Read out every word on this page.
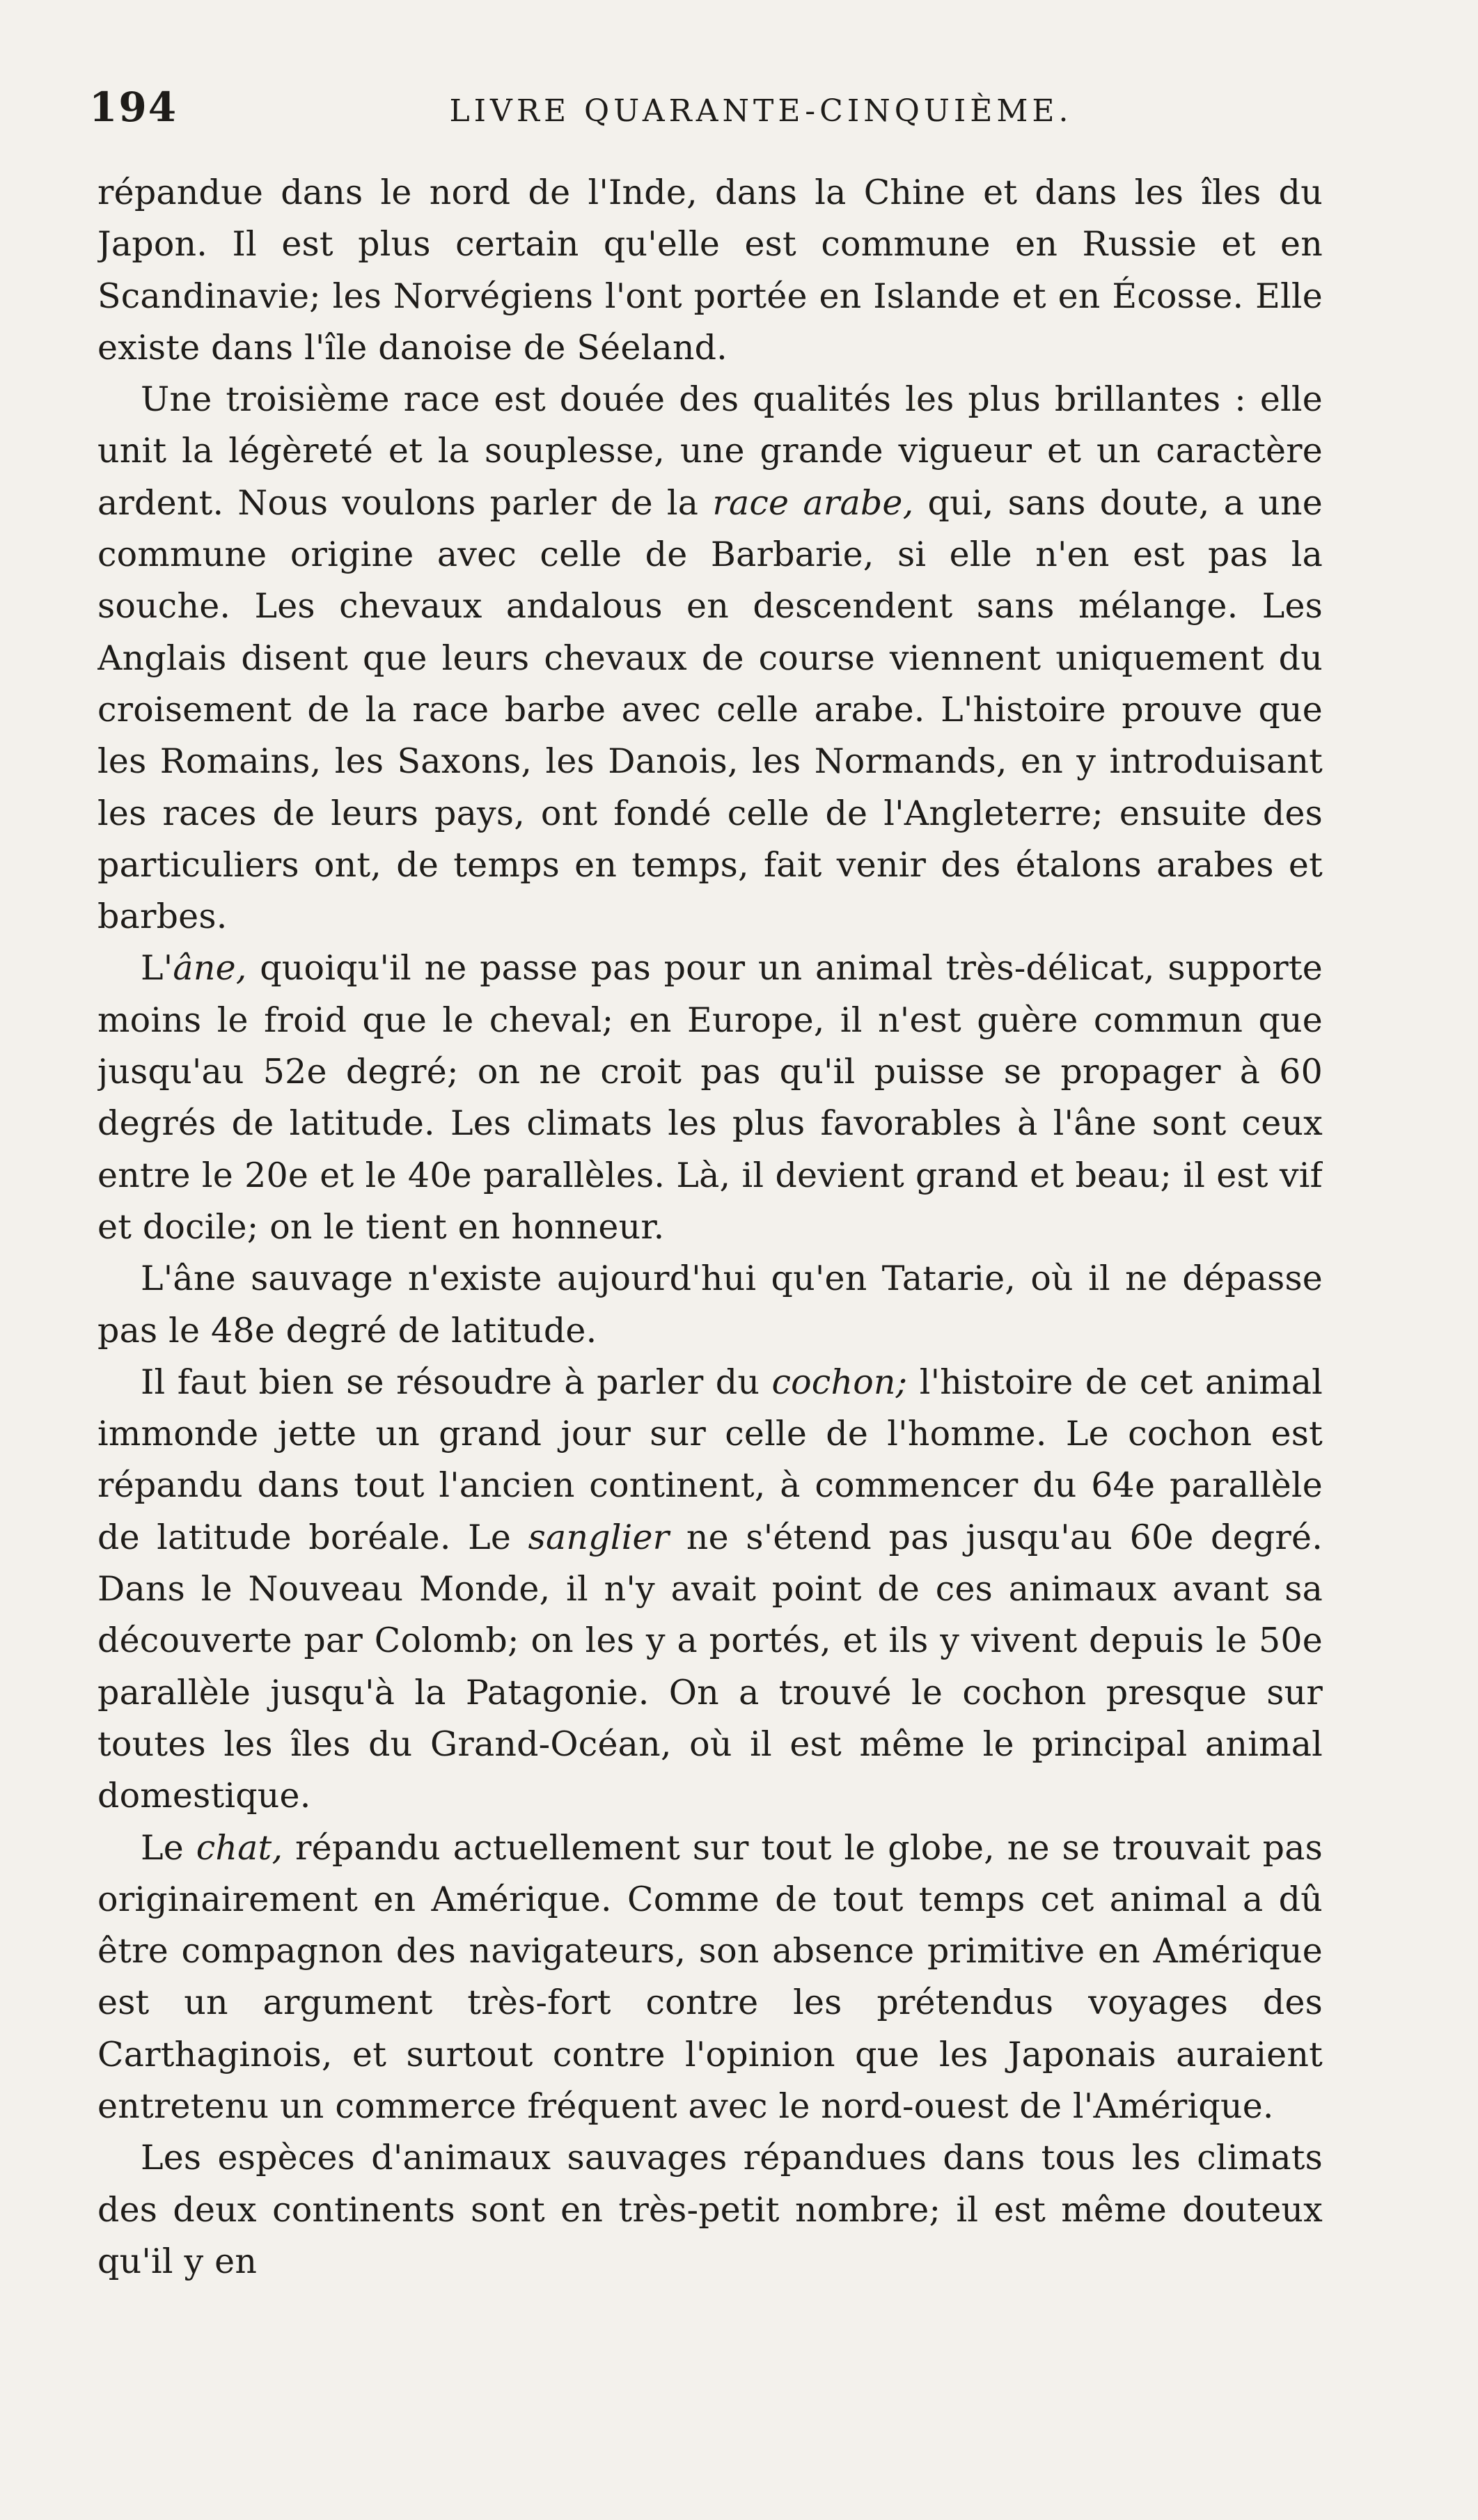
194	LIVRE QUARANTE-CINQUIÈME.

répandue dans le nord de l'Inde, dans la Chine et dans les îles du Japon. Il est plus certain qu'elle est commune en Russie et en Scandinavie; les Norvégiens l'ont portée en Islande et en Écosse. Elle existe dans l'île danoise de Séeland.

Une troisième race est douée des qualités les plus brillantes : elle unit la légèreté et la souplesse, une grande vigueur et un caractère ardent. Nous voulons parler de la race arabe, qui, sans doute, a une commune origine avec celle de Barbarie, si elle n'en est pas la souche. Les chevaux andalous en descendent sans mélange. Les Anglais disent que leurs chevaux de course viennent uniquement du croisement de la race barbe avec celle arabe. L'histoire prouve que les Romains, les Saxons, les Danois, les Normands, en y introduisant les races de leurs pays, ont fondé celle de l'Angleterre; ensuite des particuliers ont, de temps en temps, fait venir des étalons arabes et barbes.

L'âne, quoiqu'il ne passe pas pour un animal très-délicat, supporte moins le froid que le cheval; en Europe, il n'est guère commun que jusqu'au 52e degré; on ne croit pas qu'il puisse se propager à 60 degrés de latitude. Les climats les plus favorables à l'âne sont ceux entre le 20e et le 40e parallèles. Là, il devient grand et beau; il est vif et docile; on le tient en honneur.

L'âne sauvage n'existe aujourd'hui qu'en Tatarie, où il ne dépasse pas le 48e degré de latitude.

Il faut bien se résoudre à parler du cochon; l'histoire de cet animal immonde jette un grand jour sur celle de l'homme. Le cochon est répandu dans tout l'ancien continent, à commencer du 64e parallèle de latitude boréale. Le sanglier ne s'étend pas jusqu'au 60e degré. Dans le Nouveau Monde, il n'y avait point de ces animaux avant sa découverte par Colomb; on les y a portés, et ils y vivent depuis le 50e parallèle jusqu'à la Patagonie. On a trouvé le cochon presque sur toutes les îles du Grand-Océan, où il est même le principal animal domestique.

Le chat, répandu actuellement sur tout le globe, ne se trouvait pas originairement en Amérique. Comme de tout temps cet animal a dû être compagnon des navigateurs, son absence primitive en Amérique est un argument très-fort contre les prétendus voyages des Carthaginois, et surtout contre l'opinion que les Japonais auraient entretenu un commerce fréquent avec le nord-ouest de l'Amérique.

Les espèces d'animaux sauvages répandues dans tous les climats des deux continents sont en très-petit nombre; il est même douteux qu'il y en
